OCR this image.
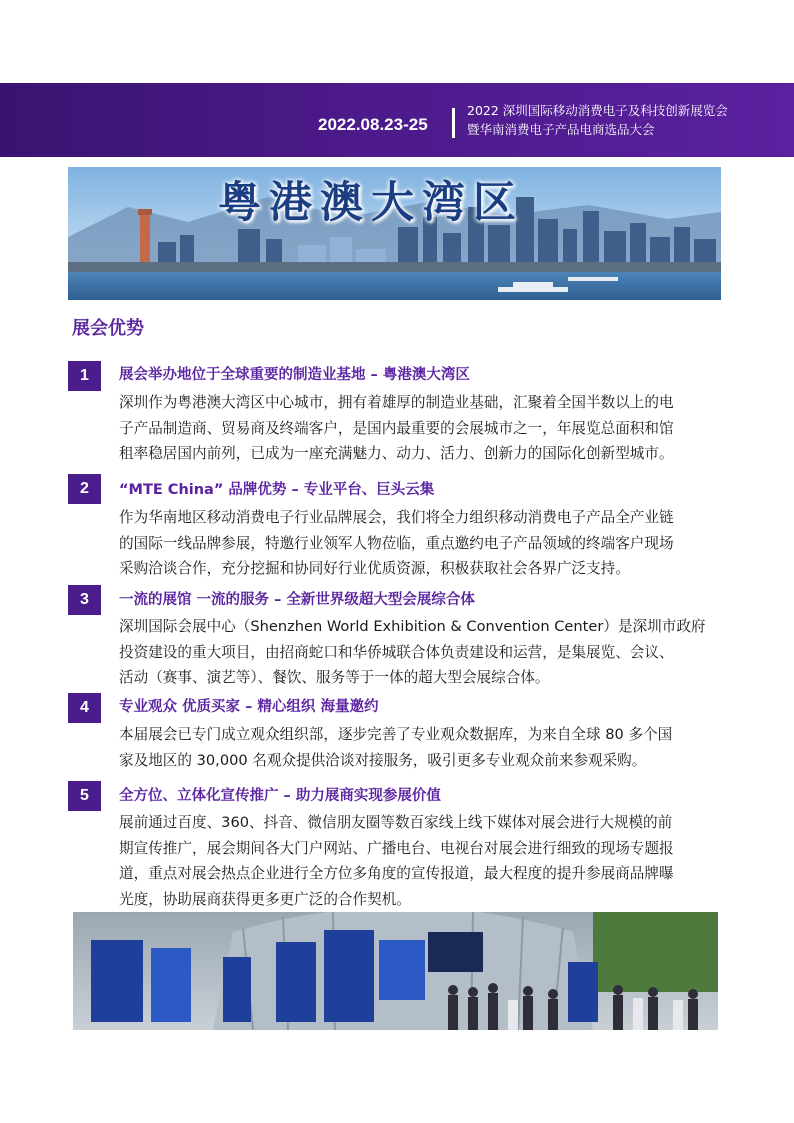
2022.08.23-25
2022 深圳国际移动消费电子及科技创新展览会
暨华南消费电子产品电商选品大会
粤港澳大湾区
展会优势
1	展会举办地位于全球重要的制造业基地 – 粤港澳大湾区
深圳作为粤港澳大湾区中心城市，拥有着雄厚的制造业基础，汇聚着全国半数以上的电
子产品制造商、贸易商及终端客户，是国内最重要的会展城市之一，年展览总面积和馆
租率稳居国内前列，已成为一座充满魅力、动力、活力、创新力的国际化创新型城市。
2	“MTE China” 品牌优势 – 专业平台、巨头云集
作为华南地区移动消费电子行业品牌展会，我们将全力组织移动消费电子产品全产业链
的国际一线品牌参展，特邀行业领军人物莅临，重点邀约电子产品领域的终端客户现场
采购洽谈合作，充分挖掘和协同好行业优质资源，积极获取社会各界广泛支持。
3	一流的展馆 一流的服务 – 全新世界级超大型会展综合体
深圳国际会展中心（Shenzhen World Exhibition & Convention Center）是深圳市政府
投资建设的重大项目，由招商蛇口和华侨城联合体负责建设和运营，是集展览、会议、
活动（赛事、演艺等）、餐饮、服务等于一体的超大型会展综合体。
4	专业观众 优质买家 – 精心组织 海量邀约
本届展会已专门成立观众组织部，逐步完善了专业观众数据库，为来自全球 80 多个国
家及地区的 30,000 名观众提供洽谈对接服务，吸引更多专业观众前来参观采购。
5	全方位、立体化宣传推广 – 助力展商实现参展价值
展前通过百度、360、抖音、微信朋友圈等数百家线上线下媒体对展会进行大规模的前
期宣传推广，展会期间各大门户网站、广播电台、电视台对展会进行细致的现场专题报
道，重点对展会热点企业进行全方位多角度的宣传报道，最大程度的提升参展商品牌曝
光度，协助展商获得更多更广泛的合作契机。
